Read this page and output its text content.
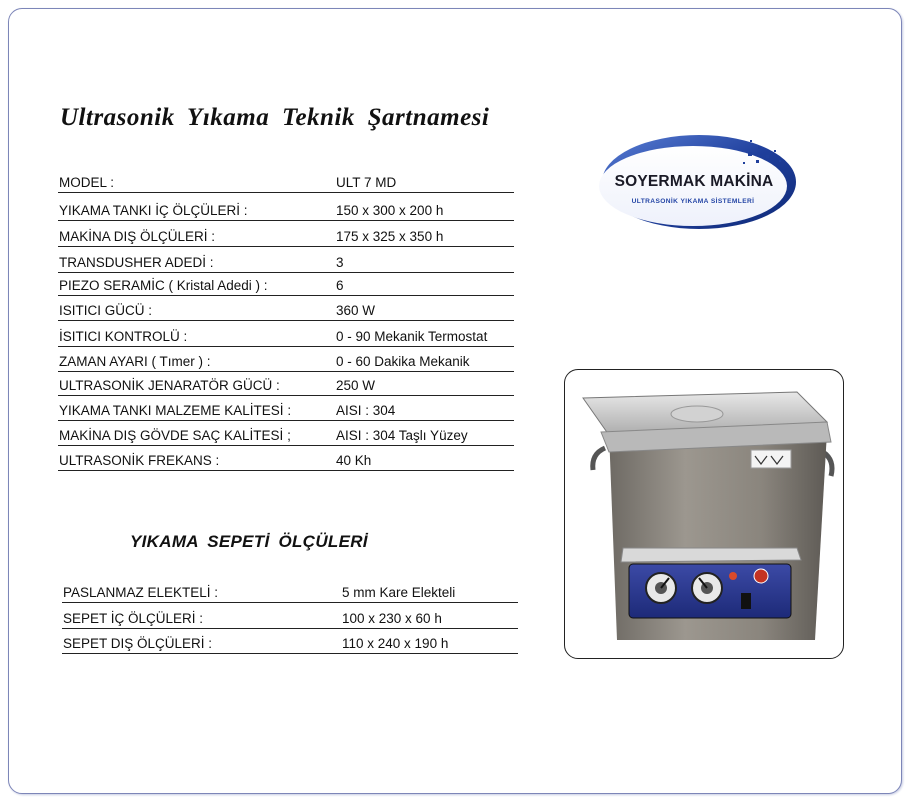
Ultrasonik Yıkama Teknik Şartnamesi
MODEL :	ULT 7 MD
YIKAMA TANKI İÇ ÖLÇÜLERİ :	150 x 300 x 200 h
MAKİNA DIŞ ÖLÇÜLERİ :	175 x 325 x 350 h
TRANSDUSHER ADEDİ :	3
PIEZO SERAMİC ( Kristal Adedi ) :	6
ISITICI GÜCÜ :	360 W
İSITICI KONTROLÜ :	0 - 90 Mekanik Termostat
ZAMAN AYARI ( Tımer ) :	0 - 60 Dakika Mekanik
ULTRASONİK JENARATÖR GÜCÜ :	250 W
YIKAMA TANKI MALZEME KALİTESİ :	AISI : 304
MAKİNA DIŞ GÖVDE SAÇ KALİTESİ ;	AISI : 304 Taşlı Yüzey
ULTRASONİK FREKANS :	40 Kh
YIKAMA SEPETİ ÖLÇÜLERİ
PASLANMAZ ELEKTELİ :	5 mm Kare Elekteli
SEPET İÇ ÖLÇÜLERİ :	100 x 230 x 60 h
SEPET DIŞ ÖLÇÜLERİ :	110 x 240 x 190 h
SOYERMAK MAKİNA
ULTRASONİK YIKAMA SİSTEMLERİ
